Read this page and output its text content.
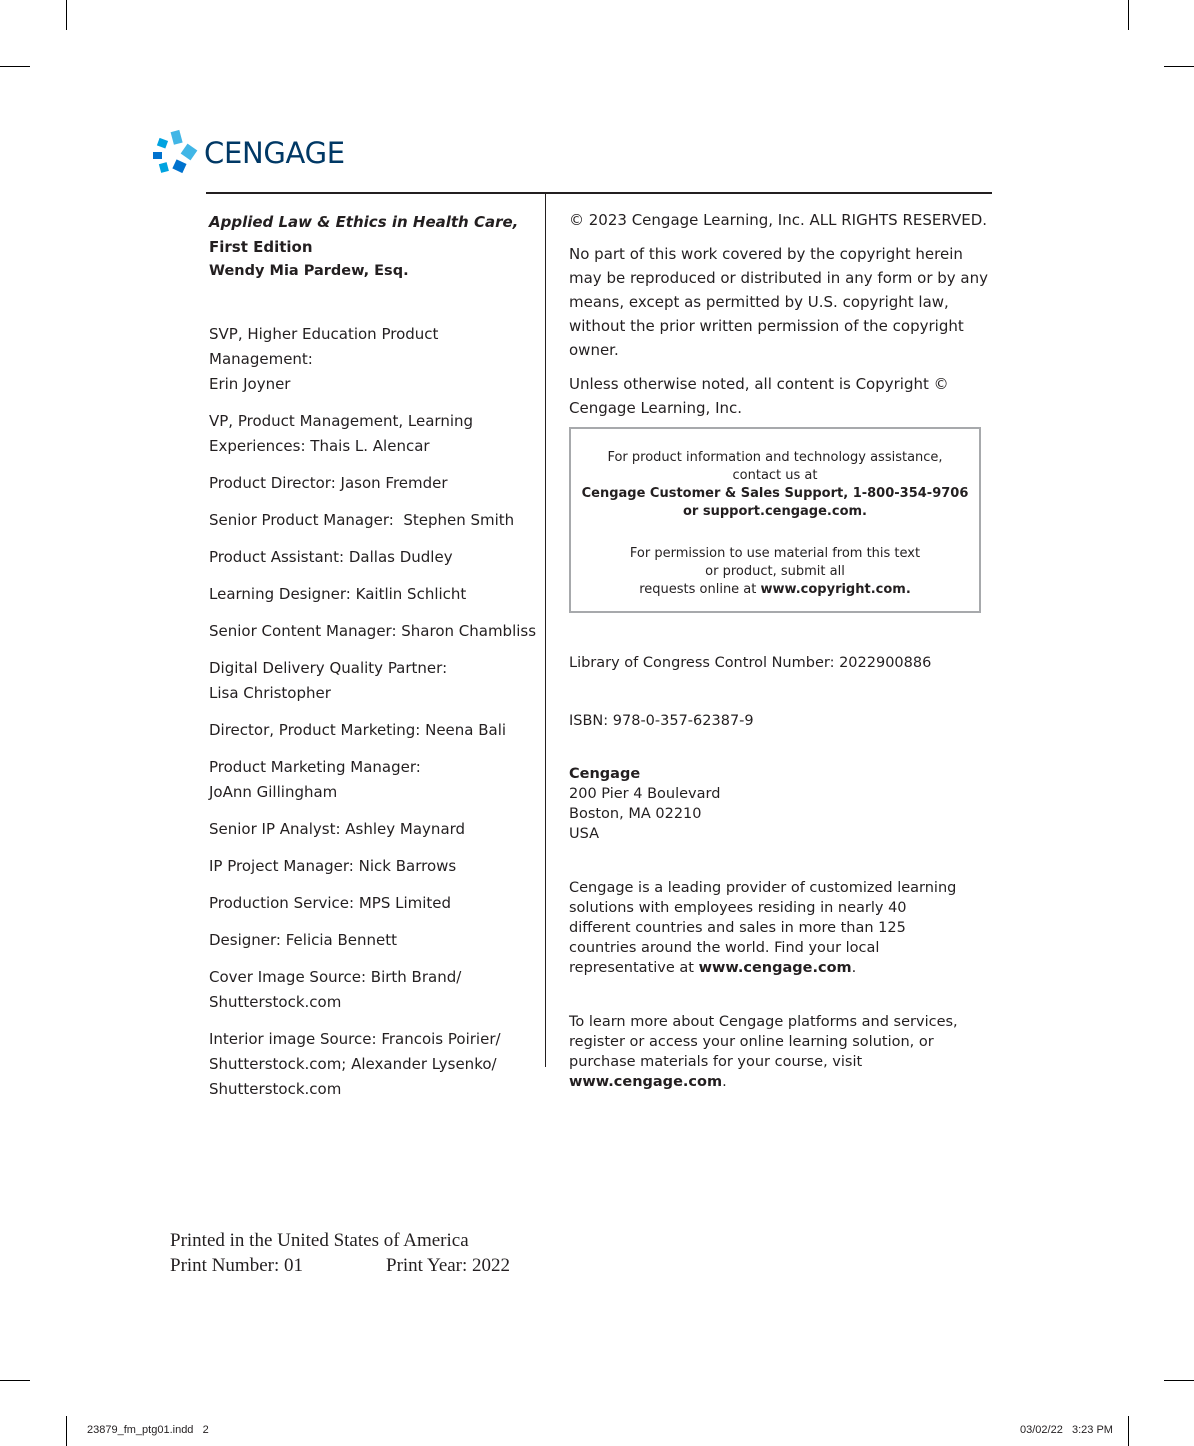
CENGAGE

Applied Law & Ethics in Health Care,

First Edition

Wendy Mia Pardew, Esq.

SVP, Higher Education Product Management:
Erin Joyner

VP, Product Management, Learning
Experiences: Thais L. Alencar

Product Director: Jason Fremder

Senior Product Manager:  Stephen Smith

Product Assistant: Dallas Dudley

Learning Designer: Kaitlin Schlicht

Senior Content Manager: Sharon Chambliss

Digital Delivery Quality Partner:
Lisa Christopher

Director, Product Marketing: Neena Bali

Product Marketing Manager:
JoAnn Gillingham

Senior IP Analyst: Ashley Maynard

IP Project Manager: Nick Barrows

Production Service: MPS Limited

Designer: Felicia Bennett

Cover Image Source: Birth Brand/
Shutterstock.com

Interior image Source: Francois Poirier/
Shutterstock.com; Alexander Lysenko/
Shutterstock.com

© 2023 Cengage Learning, Inc. ALL RIGHTS RESERVED.

No part of this work covered by the copyright herein may be reproduced or distributed in any form or by any means, except as permitted by U.S. copyright law, without the prior written permission of the copyright owner.

Unless otherwise noted, all content is Copyright © Cengage Learning, Inc.

For product information and technology assistance,

contact us at

Cengage Customer & Sales Support, 1-800-354-9706

or support.cengage.com.

For permission to use material from this text

or product, submit all

requests online at www.copyright.com.

Library of Congress Control Number: 2022900886

ISBN: 978-0-357-62387-9

Cengage

200 Pier 4 Boulevard

Boston, MA 02210

USA

Cengage is a leading provider of customized learning solutions with employees residing in nearly 40 different countries and sales in more than 125 countries around the world. Find your local representative at www.cengage.com.

To learn more about Cengage platforms and services, register or access your online learning solution, or purchase materials for your course, visit www.cengage.com.

Printed in the United States of America

Print Number: 01	Print Year: 2022

23879_fm_ptg01.indd   2	03/02/22   3:23 PM
